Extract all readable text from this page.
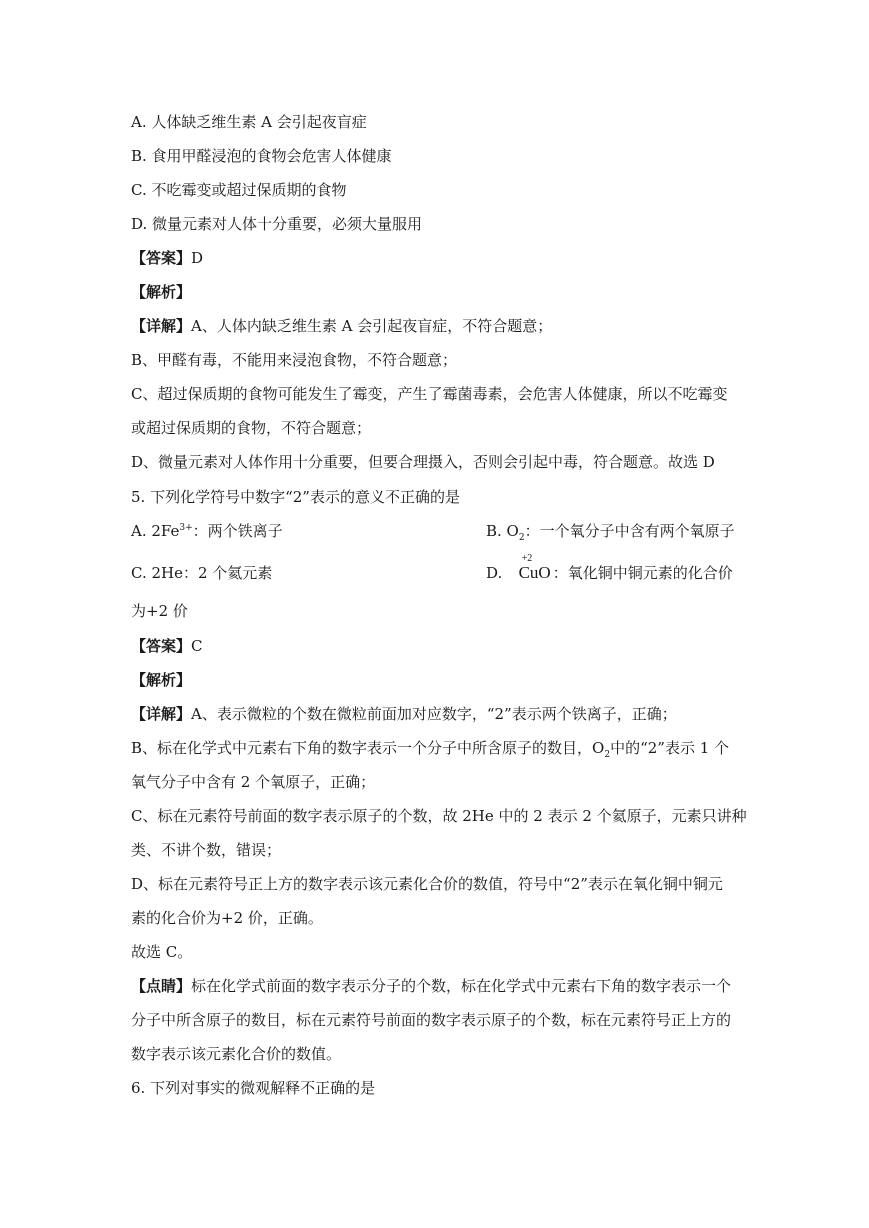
A. 人体缺乏维生素 A 会引起夜盲症
B. 食用甲醛浸泡的食物会危害人体健康
C. 不吃霉变或超过保质期的食物
D. 微量元素对人体十分重要，必须大量服用
【答案】D
【解析】
【详解】A、人体内缺乏维生素 A 会引起夜盲症，不符合题意；
B、甲醛有毒，不能用来浸泡食物，不符合题意；
C、超过保质期的食物可能发生了霉变，产生了霉菌毒素，会危害人体健康，所以不吃霉变
或超过保质期的食物，不符合题意；
D、微量元素对人体作用十分重要，但要合理摄入，否则会引起中毒，符合题意。故选 D
5. 下列化学符号中数字“2”表示的意义不正确的是
A. $2Fe^{3+}$：两个铁离子	B. $O_2$：一个氧分子中含有两个氧原子
C. 2He：2 个氦元素	D.
+2
CuO ：氧化铜中铜元素的化合价
为+2 价
【答案】C
【解析】
【详解】A、表示微粒的个数在微粒前面加对应数字，“2”表示两个铁离子，正确；
B、标在化学式中元素右下角的数字表示一个分子中所含原子的数目，$O_2$中的“2”表示 1 个
氧气分子中含有 2 个氧原子，正确；
C、标在元素符号前面的数字表示原子的个数，故 2He 中的 2 表示 2 个氦原子，元素只讲种
类、不讲个数，错误；
D、标在元素符号正上方的数字表示该元素化合价的数值，符号中“2”表示在氧化铜中铜元
素的化合价为+2 价，正确。
故选 C。
【点睛】标在化学式前面的数字表示分子的个数，标在化学式中元素右下角的数字表示一个
分子中所含原子的数目，标在元素符号前面的数字表示原子的个数，标在元素符号正上方的
数字表示该元素化合价的数值。
6. 下列对事实的微观解释不正确的是
